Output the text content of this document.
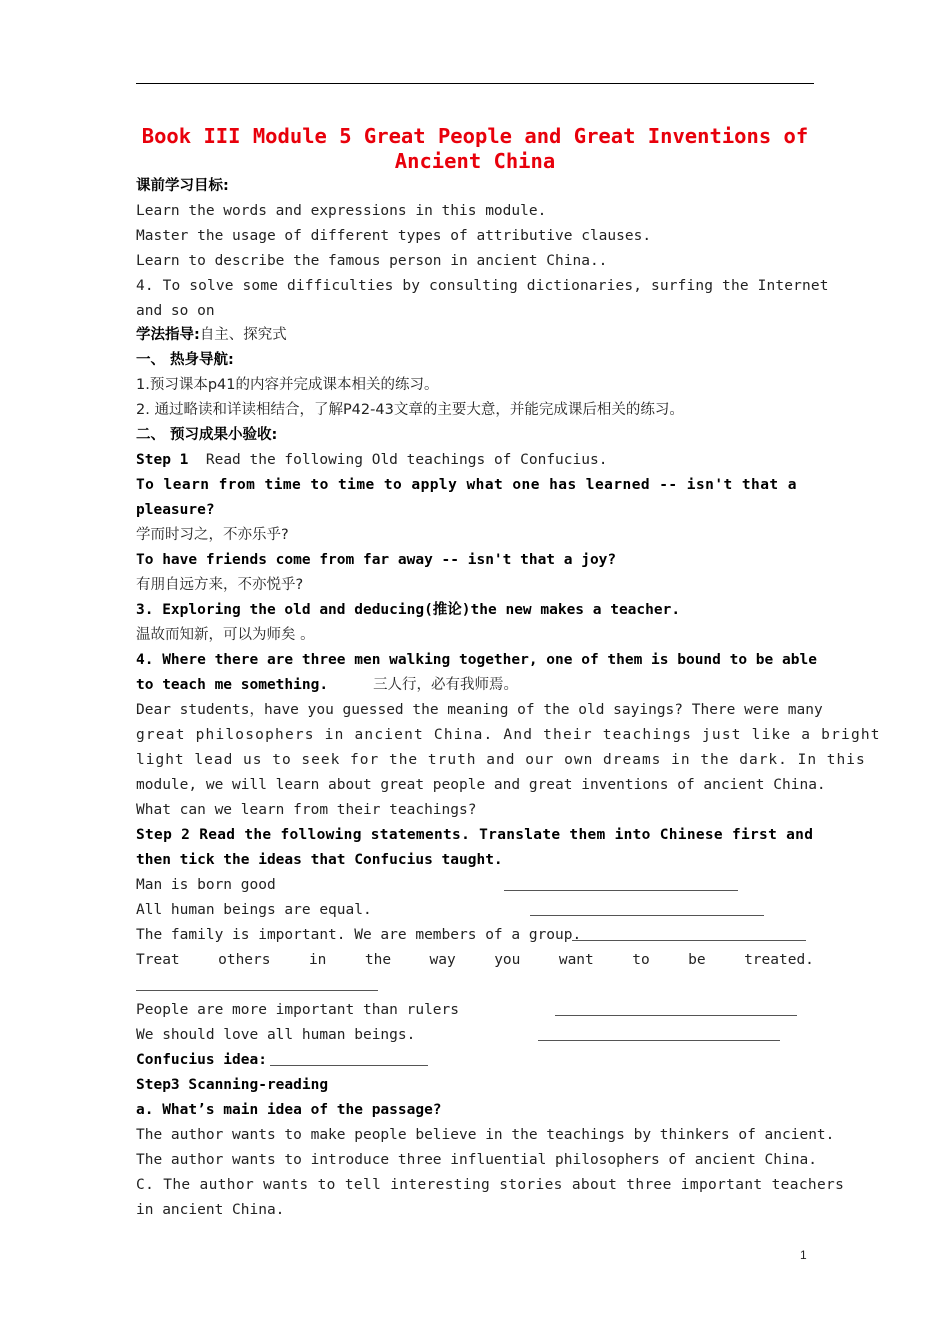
Book III Module 5 Great People and Great Inventions of
Ancient China
课前学习目标:
Learn the words and expressions in this module.
Master the usage of different types of attributive clauses.
Learn to describe the famous person in ancient China..
4. To solve some difficulties by consulting dictionaries, surfing the Internet
and so on
学法指导:自主、探究式
一、 热身导航:
1.预习课本p41的内容并完成课本相关的练习。
2. 通过略读和详读相结合，了解P42-43文章的主要大意，并能完成课后相关的练习。
二、 预习成果小验收:
Step 1 Read the following Old teachings of Confucius.
To learn from time to time to apply what one has learned -- isn't that a
pleasure?
学而时习之，不亦乐乎?
To have friends come from far away -- isn't that a joy?
有朋自远方来，不亦悦乎?
3. Exploring the old and deducing(推论)the new makes a teacher.
温故而知新，可以为师矣 。
4. Where there are three men walking together, one of them is bound to be able
to teach me something.	三人行，必有我师焉。
Dear students，have you guessed the meaning of the old sayings? There were many
great philosophers in ancient China. And their teachings just like a bright
light lead us to seek for the truth and our own dreams in the dark. In this
module, we will learn about great people and great inventions of ancient China.
What can we learn from their teachings?
Step 2 Read the following statements. Translate them into Chinese first and
then tick the ideas that Confucius taught.
Man is born good
All human beings are equal.
The family is important. We are members of a group.
Treat	others	in	the	way	you	want	to	be	treated.
People are more important than rulers
We should love all human beings.
Confucius idea:
Step3 Scanning-reading
a. What’s main idea of the passage?
The author wants to make people believe in the teachings by thinkers of ancient.
The author wants to introduce three influential philosophers of ancient China.
C. The author wants to tell interesting stories about three important teachers
in ancient China.
1
